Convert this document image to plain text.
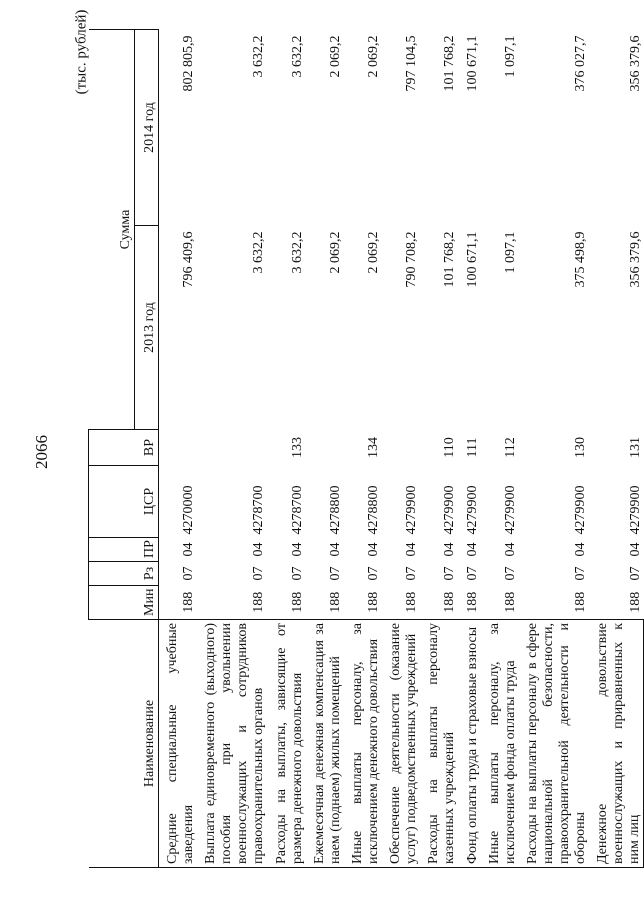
2066
(тыс. рублей)
Наименование	Мин	Рз	ПР	ЦСР	ВР	Сумма	
						2013 год	2014 год
Средние специальные учебные заведения	188	07	04	4270000		796 409,6	802 805,9
Выплата единовременного (выходного) пособия при увольнении военнослужащих и сотрудников правоохранительных органов	188	07	04	4278700		3 632,2	3 632,2
Расходы на выплаты, зависящие от размера денежного довольствия	188	07	04	4278700	133	3 632,2	3 632,2
Ежемесячная денежная компенсация за наем (поднаем) жилых помещений	188	07	04	4278800		2 069,2	2 069,2
Иные выплаты персоналу, за исключением денежного довольствия	188	07	04	4278800	134	2 069,2	2 069,2
Обеспечение деятельности (оказание услуг) подведомственных учреждений	188	07	04	4279900		790 708,2	797 104,5
Расходы на выплаты персоналу казенных учреждений	188	07	04	4279900	110	101 768,2	101 768,2
Фонд оплаты труда и страховые взносы	188	07	04	4279900	111	100 671,1	100 671,1
Иные выплаты персоналу, за исключением фонда оплаты труда	188	07	04	4279900	112	1 097,1	1 097,1
Расходы на выплаты персоналу в сфере национальной безопасности, правоохранительной деятельности и обороны	188	07	04	4279900	130	375 498,9	376 027,7
Денежное довольствие военнослужащих и приравненных к ним лиц	188	07	04	4279900	131	356 379,6	356 379,6
